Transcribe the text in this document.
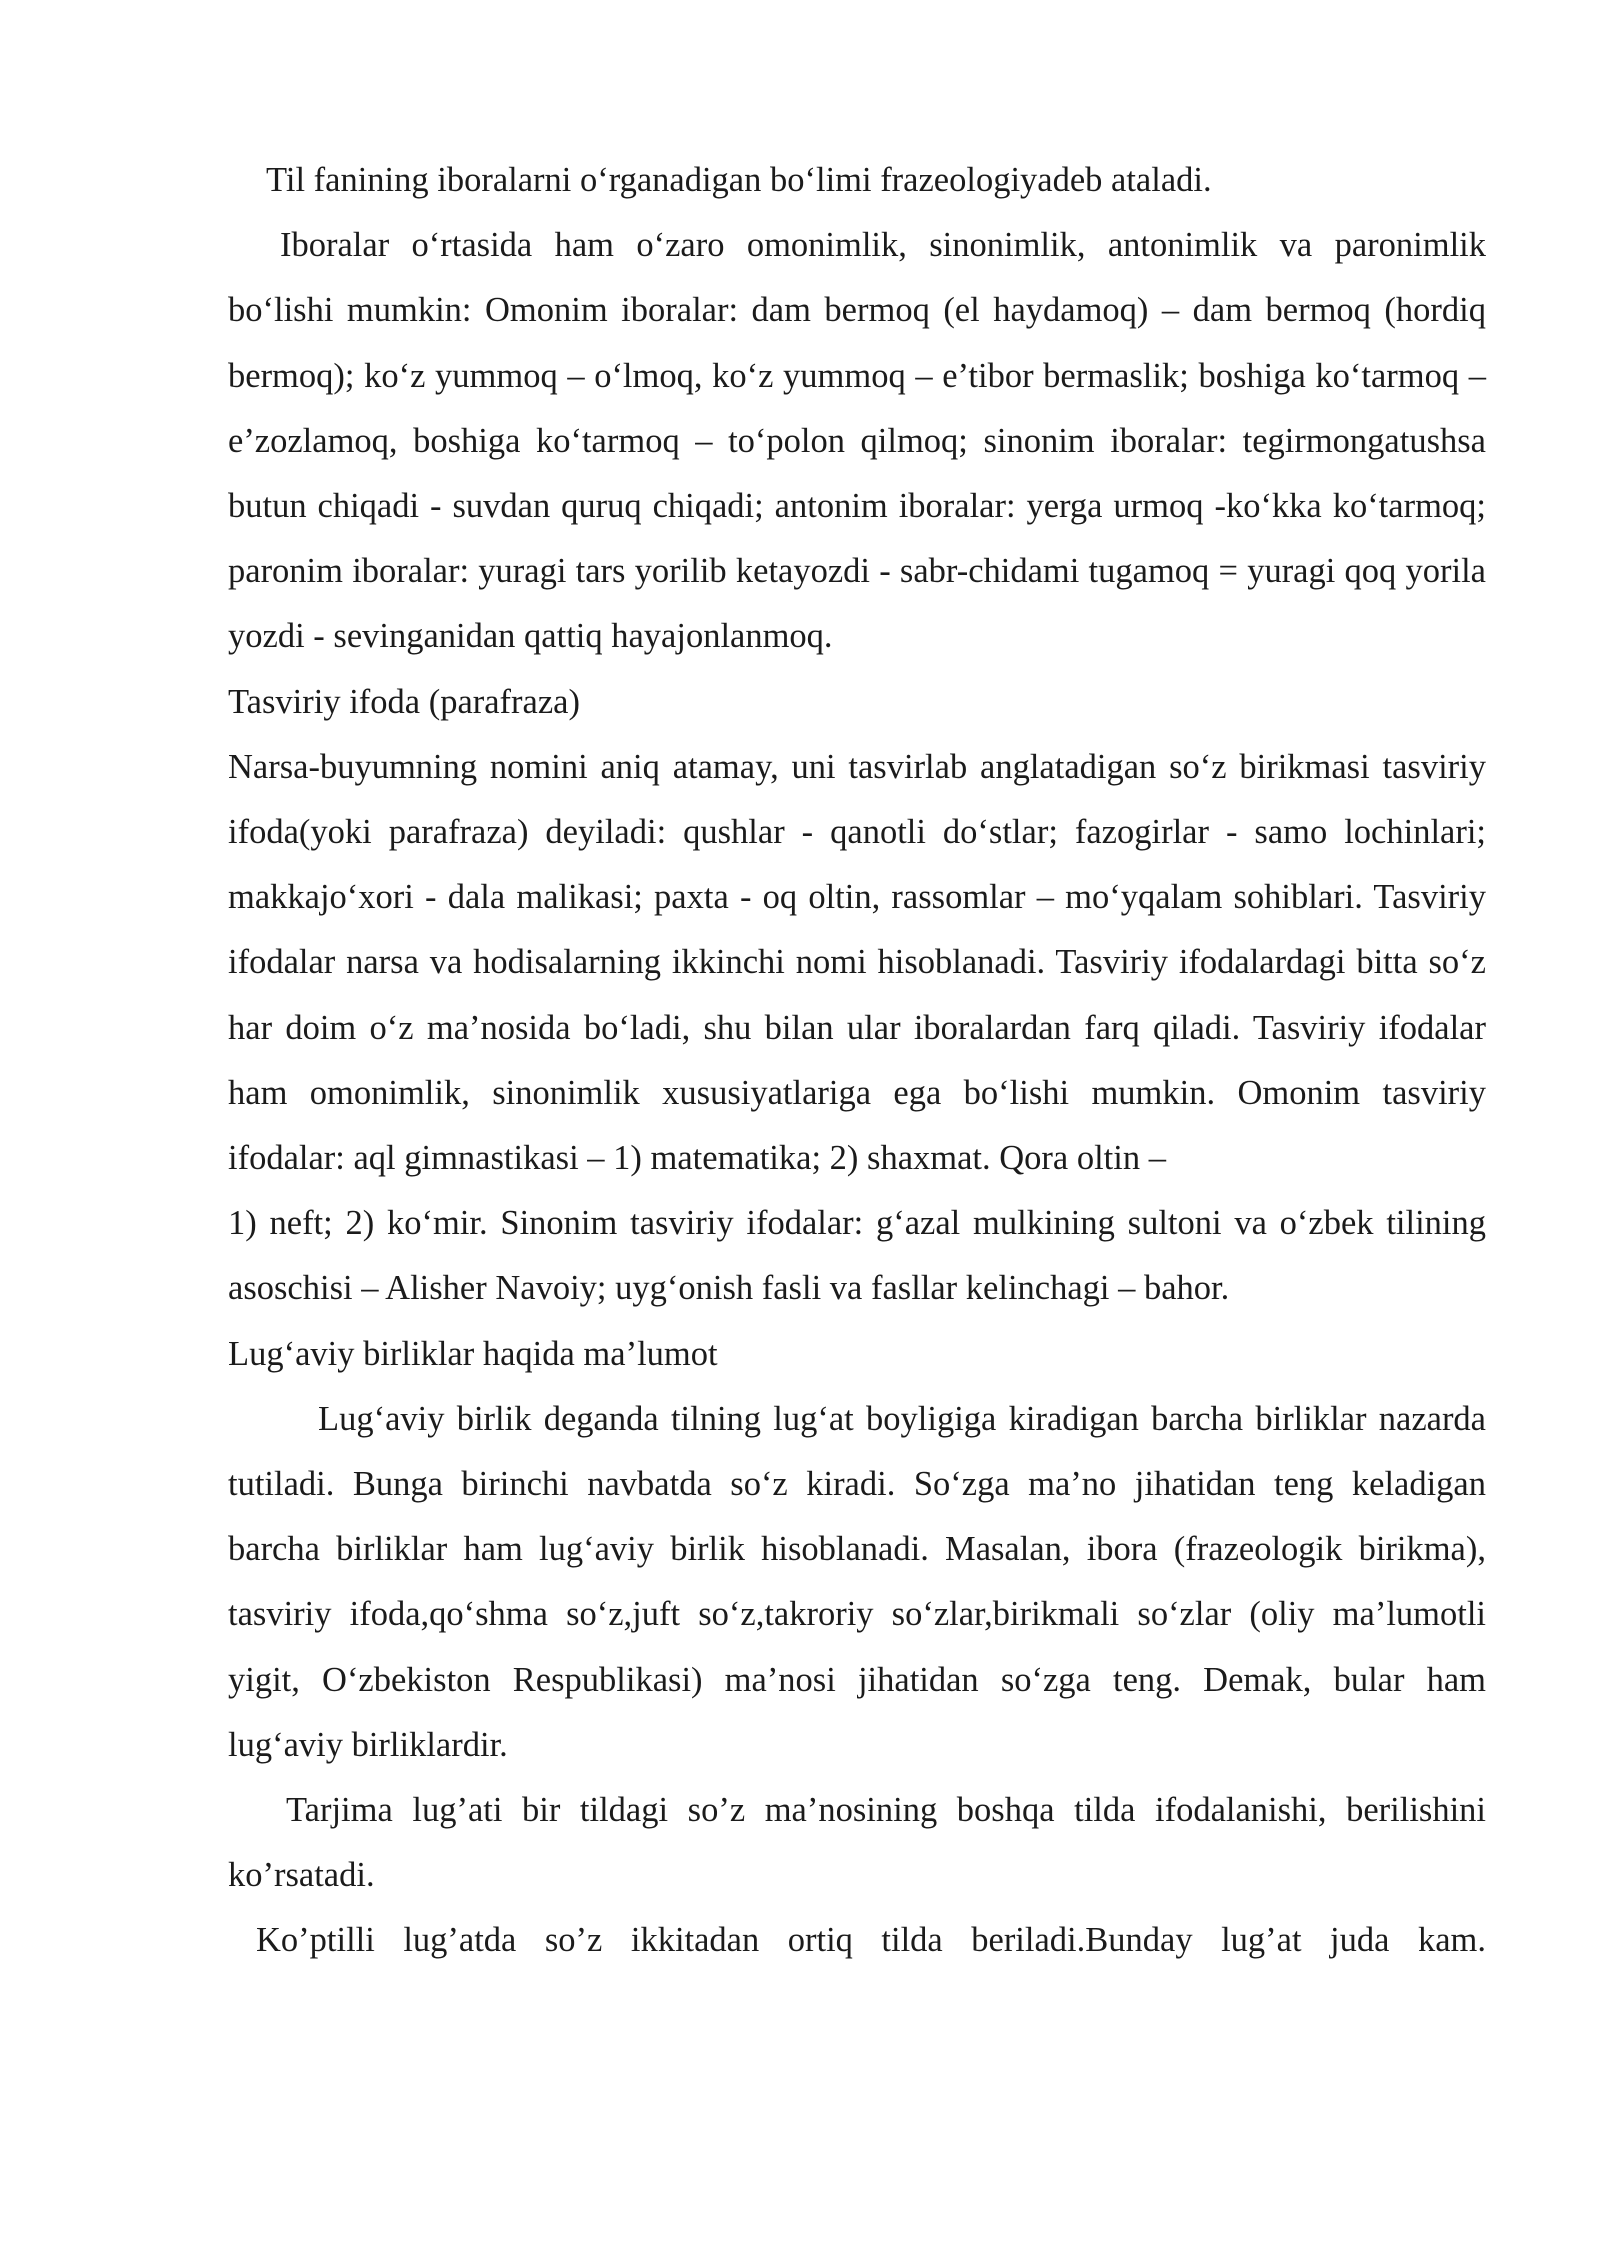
Til fanining iboralarni o‘rganadigan bo‘limi frazeologiyadeb ataladi.

Iboralar o‘rtasida ham o‘zaro omonimlik, sinonimlik, antonimlik va paronimlik bo‘lishi mumkin: Omonim iboralar: dam bermoq (el haydamoq) – dam bermoq (hordiq bermoq); ko‘z yummoq – o‘lmoq, ko‘z yummoq – e’tibor bermaslik; boshiga ko‘tarmoq – e’zozlamoq, boshiga ko‘tarmoq – to‘polon qilmoq; sinonim iboralar: tegirmongatushsa butun chiqadi - suvdan quruq chiqadi; antonim iboralar: yerga urmoq -ko‘kka ko‘tarmoq; paronim iboralar: yuragi tars yorilib ketayozdi - sabr-chidami tugamoq = yuragi qoq yorila yozdi - sevinganidan qattiq hayajonlanmoq.

Tasviriy ifoda (parafraza)

Narsa-buyumning nomini aniq atamay, uni tasvirlab anglatadigan so‘z birikmasi tasviriy ifoda(yoki parafraza) deyiladi: qushlar - qanotli do‘stlar; fazogirlar - samo lochinlari; makkajo‘xori - dala malikasi; paxta - oq oltin, rassomlar – mo‘yqalam sohiblari. Tasviriy ifodalar narsa va hodisalarning ikkinchi nomi hisoblanadi. Tasviriy ifodalardagi bitta so‘z har doim o‘z ma’nosida bo‘ladi, shu bilan ular iboralardan farq qiladi. Tasviriy ifodalar ham omonimlik, sinonimlik xususiyatlariga ega bo‘lishi mumkin. Omonim tasviriy ifodalar: aql gimnastikasi – 1) matematika; 2) shaxmat. Qora oltin –

1) neft; 2) ko‘mir. Sinonim tasviriy ifodalar: g‘azal mulkining sultoni va o‘zbek tilining asoschisi – Alisher Navoiy; uyg‘onish fasli va fasllar kelinchagi – bahor.

Lug‘aviy birliklar haqida ma’lumot

Lug‘aviy birlik deganda tilning lug‘at boyligiga kiradigan barcha birliklar nazarda tutiladi. Bunga birinchi navbatda so‘z kiradi. So‘zga ma’no jihatidan teng keladigan barcha birliklar ham lug‘aviy birlik hisoblanadi. Masalan, ibora (frazeologik birikma), tasviriy ifoda,qo‘shma so‘z,juft so‘z,takroriy so‘zlar,birikmali so‘zlar (oliy ma’lumotli yigit, O‘zbekiston Respublikasi) ma’nosi jihatidan so‘zga teng. Demak, bular ham lug‘aviy birliklardir.

Tarjima lug’ati bir tildagi so’z ma’nosining boshqa tilda ifodalanishi, berilishini ko’rsatadi.

Ko’ptilli lug’atda so’z ikkitadan ortiq tilda beriladi.Bunday lug’at juda kam.
